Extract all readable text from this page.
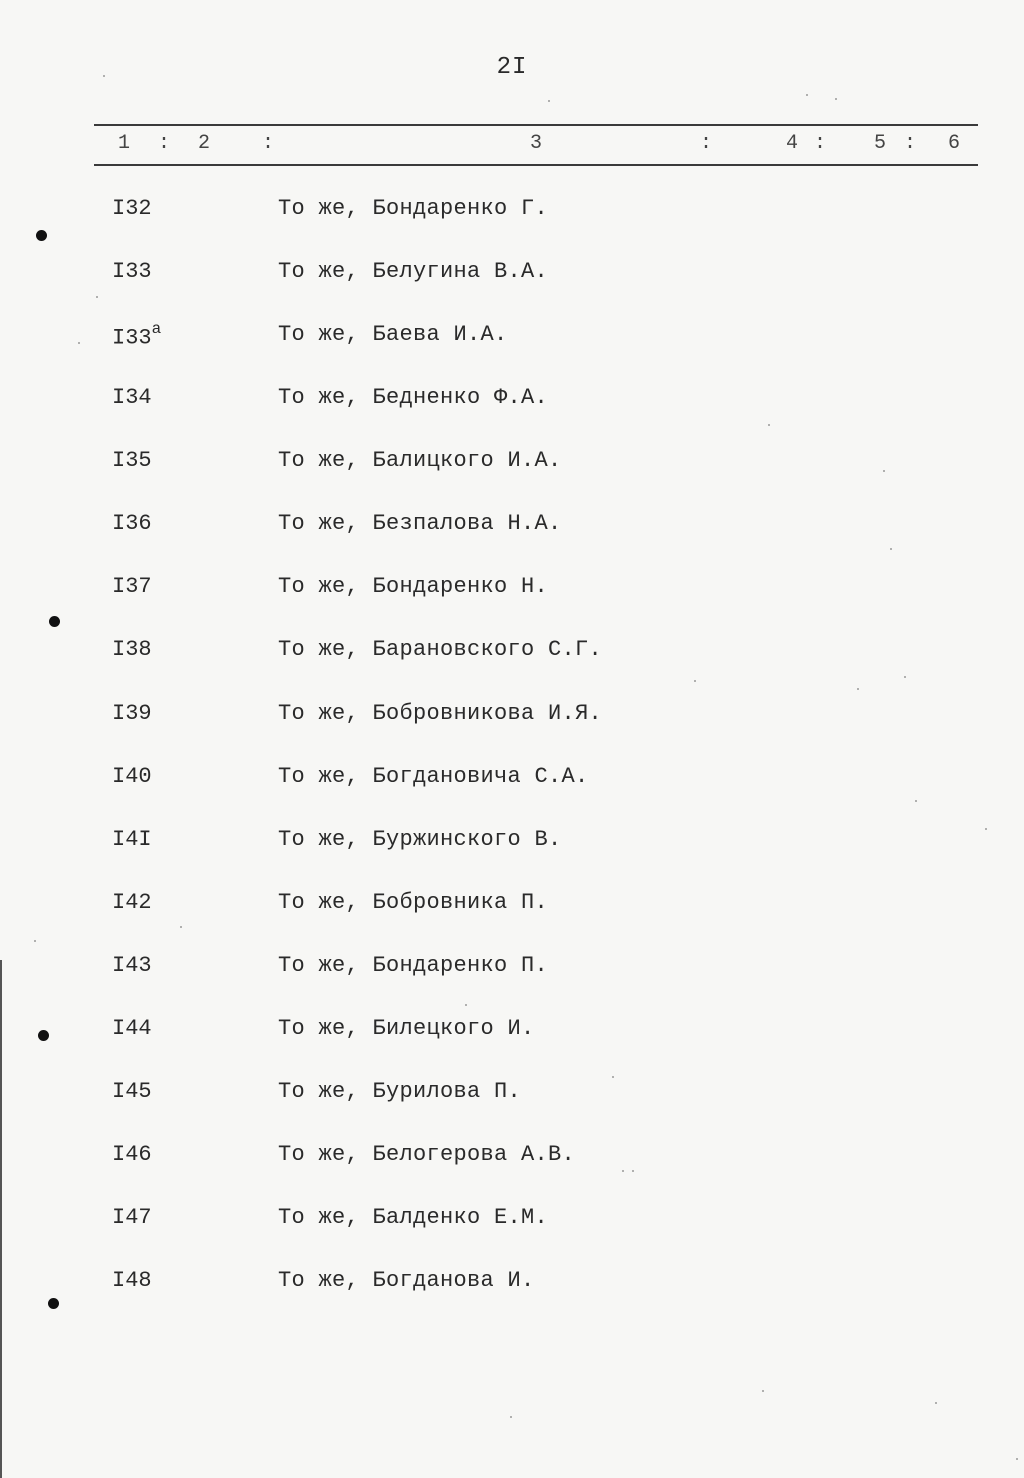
2I
1 : 2	:	3	:	4 : 5 : 6
I32	То же, Бондаренко Г.
I33	То же, Белугина В.А.
$I33^а$	То же, Баева И.А.
I34	То же, Бедненко Ф.А.
I35	То же, Балицкого И.А.
I36	То же, Безпалова Н.А.
I37	То же, Бондаренко Н.
I38	То же, Барановского С.Г.
I39	То же, Бобровникова И.Я.
I40	То же, Богдановича С.А.
I4I	То же, Буржинского В.
I42	То же, Бобровника П.
I43	То же, Бондаренко П.
I44	То же, Билецкого И.
I45	То же, Бурилова П.
I46	То же, Белогерова А.В.
I47	То же, Балденко Е.М.
I48	То же, Богданова И.
